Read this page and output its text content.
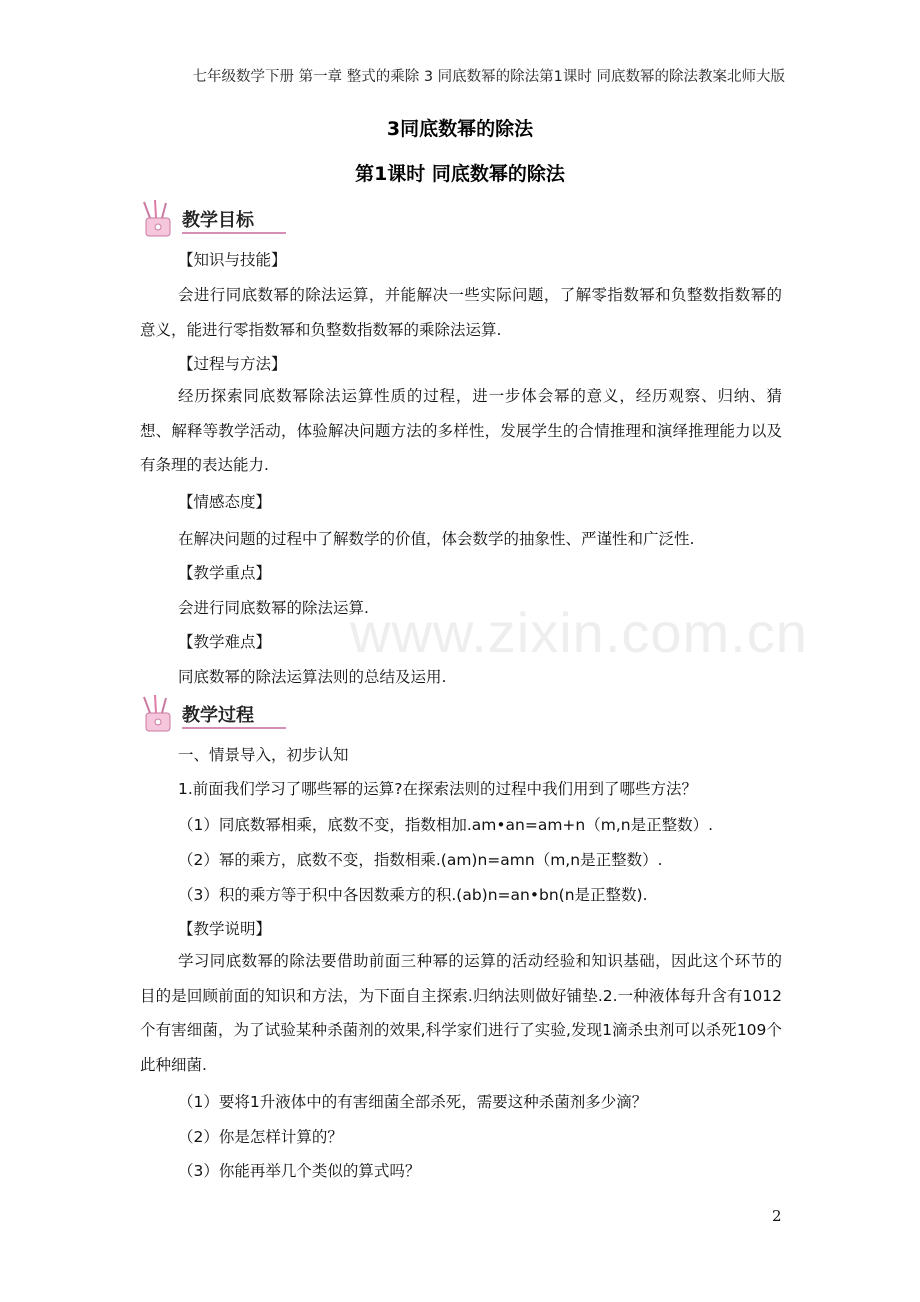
七年级数学下册 第一章 整式的乘除 3 同底数幂的除法第1课时 同底数幂的除法教案北师大版
3同底数幂的除法
第1课时 同底数幂的除法
教学目标
【知识与技能】
会进行同底数幂的除法运算，并能解决一些实际问题，了解零指数幂和负整数指数幂的意义，能进行零指数幂和负整数指数幂的乘除法运算.
【过程与方法】
经历探索同底数幂除法运算性质的过程，进一步体会幂的意义，经历观察、归纳、猜想、解释等教学活动，体验解决问题方法的多样性，发展学生的合情推理和演绎推理能力以及有条理的表达能力.
【情感态度】
在解决问题的过程中了解数学的价值，体会数学的抽象性、严谨性和广泛性.
【教学重点】
会进行同底数幂的除法运算.
【教学难点】
同底数幂的除法运算法则的总结及运用.
教学过程
一、情景导入，初步认知
1.前面我们学习了哪些幂的运算?在探索法则的过程中我们用到了哪些方法？
（1）同底数幂相乘，底数不变，指数相加.am•an=am+n（m,n是正整数）.
（2）幂的乘方，底数不变，指数相乘.(am)n=amn（m,n是正整数）.
（3）积的乘方等于积中各因数乘方的积.(ab)n=an•bn(n是正整数).
【教学说明】
学习同底数幂的除法要借助前面三种幂的运算的活动经验和知识基础，因此这个环节的目的是回顾前面的知识和方法，为下面自主探索.归纳法则做好铺垫.2.一种液体每升含有1012个有害细菌，为了试验某种杀菌剂的效果,科学家们进行了实验,发现1滴杀虫剂可以杀死109个此种细菌.
（1）要将1升液体中的有害细菌全部杀死，需要这种杀菌剂多少滴？
（2）你是怎样计算的？
（3）你能再举几个类似的算式吗？
www.zixin.com.cn
2
